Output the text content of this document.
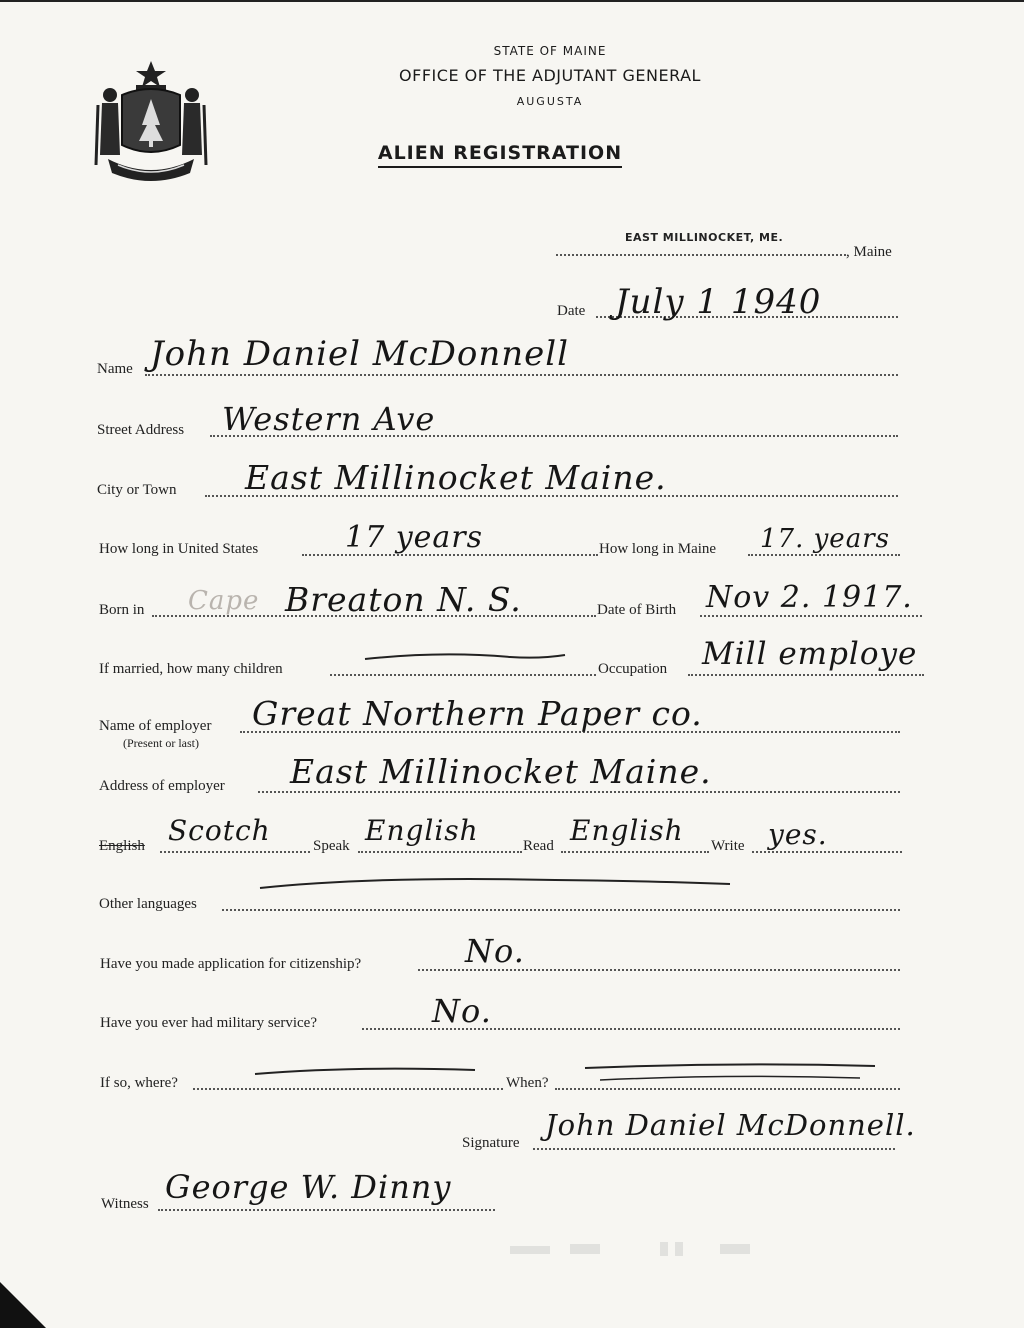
STATE OF MAINE
OFFICE OF THE ADJUTANT GENERAL
AUGUSTA
ALIEN REGISTRATION
EAST MILLINOCKET, ME.
, Maine
Date July 1 1940
Name John Daniel McDonnell
Street Address Western Ave
City or Town East Millinocket Maine.
How long in United States	17 years	How long in Maine 17. years
Born in Cape Breaton N. S.	Date of Birth Nov 2. 1917.
If married, how many children	Occupation Mill employe
Name of employer
(Present or last)
Great Northern Paper co.
Address of employer East Millinocket Maine.
English Scotch	Speak English	Read English Write yes.
Other languages
Have you made application for citizenship?	No.
Have you ever had military service?	No.
If so, where?	When?
Signature
John Daniel McDonnell.
Witness George W. Dinny
